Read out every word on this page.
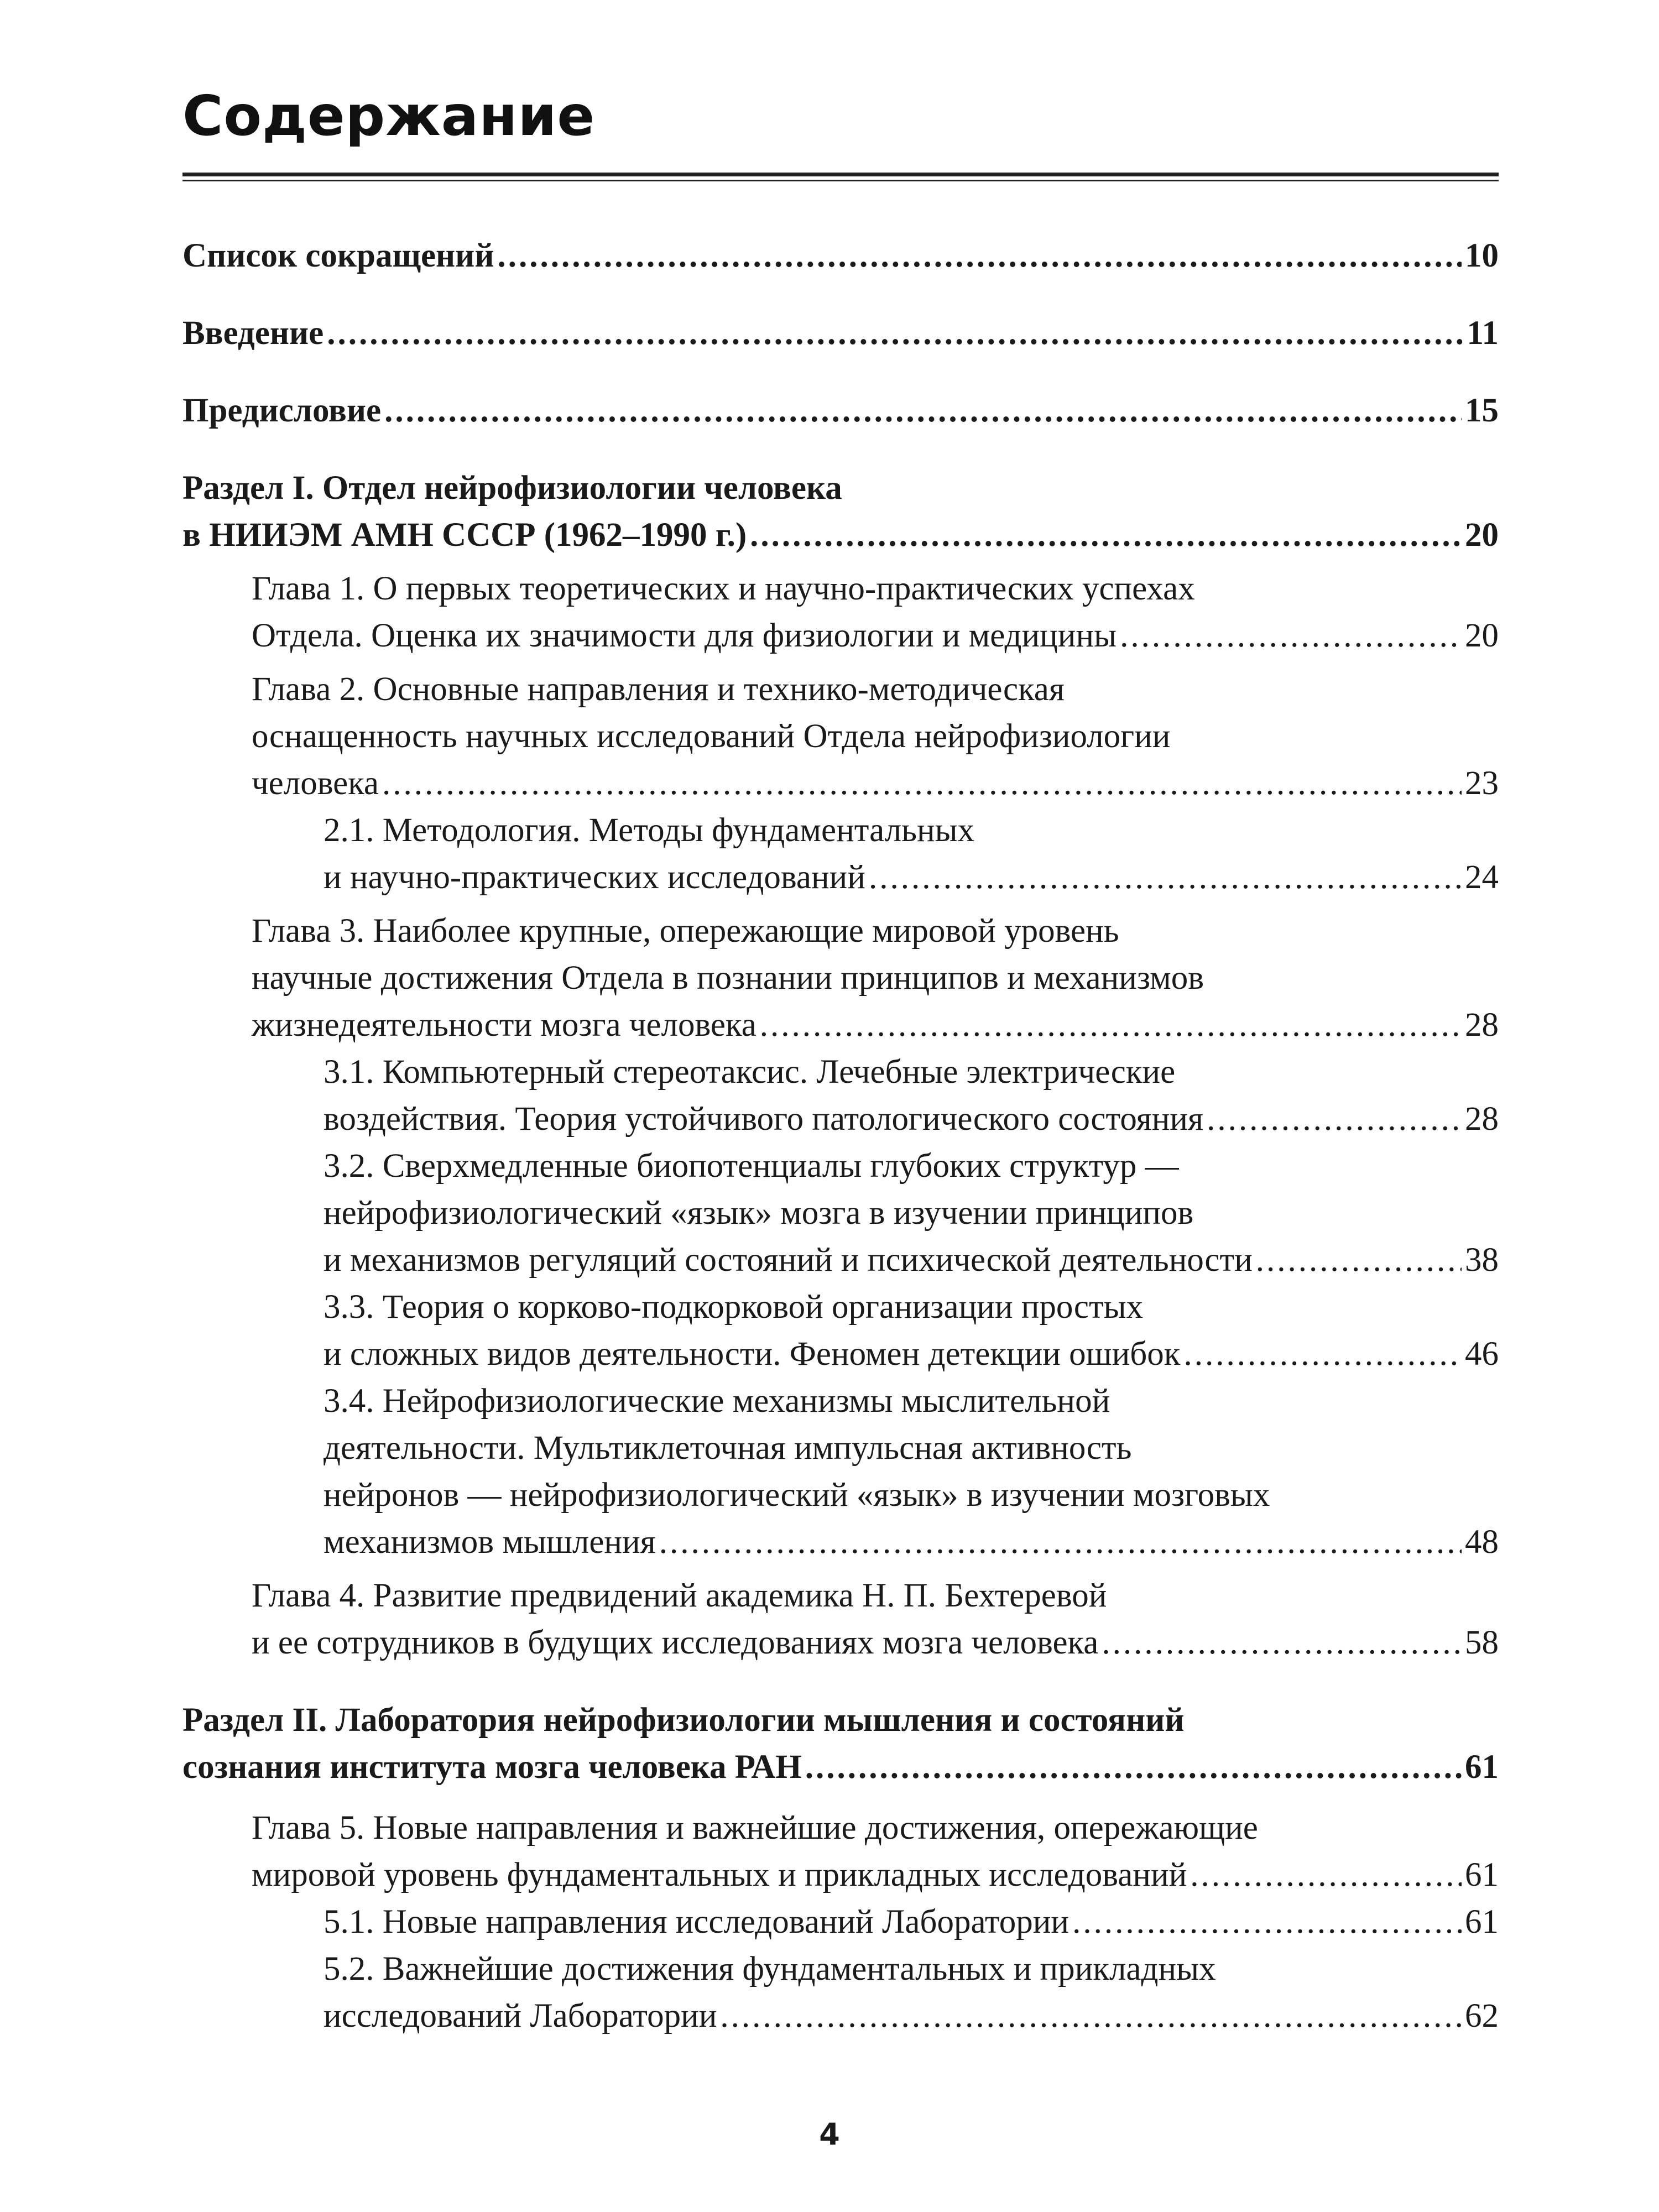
Содержание
Список сокращений .....	10
Введение .....	11
Предисловие .....	15
Раздел I. Отдел нейрофизиологии человека
в НИИЭМ АМН СССР (1962–1990 г.) .....	20
Глава 1. О первых теоретических и научно-практических успехах
Отдела. Оценка их значимости для физиологии и медицины .....	20
Глава 2. Основные направления и технико-методическая
оснащенность научных исследований Отдела нейрофизиологии
человека .....	23
2.1. Методология. Методы фундаментальных
и научно-практических исследований .....	24
Глава 3. Наиболее крупные, опережающие мировой уровень
научные достижения Отдела в познании принципов и механизмов
жизнедеятельности мозга человека .....	28
3.1. Компьютерный стереотаксис. Лечебные электрические
воздействия. Теория устойчивого патологического состояния .....	28
3.2. Сверхмедленные биопотенциалы глубоких структур —
нейрофизиологический «язык» мозга в изучении принципов
и механизмов регуляций состояний и психической деятельности .....	38
3.3. Теория о корково-подкорковой организации простых
и сложных видов деятельности. Феномен детекции ошибок .....	46
3.4. Нейрофизиологические механизмы мыслительной
деятельности. Мультиклеточная импульсная активность
нейронов — нейрофизиологический «язык» в изучении мозговых
механизмов мышления .....	48
Глава 4. Развитие предвидений академика Н. П. Бехтеревой
и ее сотрудников в будущих исследованиях мозга человека .....	58
Раздел II. Лаборатория нейрофизиологии мышления и состояний
сознания института мозга человека РАН .....	61
Глава 5. Новые направления и важнейшие достижения, опережающие
мировой уровень фундаментальных и прикладных исследований .....	61
5.1. Новые направления исследований Лаборатории .....	61
5.2. Важнейшие достижения фундаментальных и прикладных
исследований Лаборатории .....	62
4
